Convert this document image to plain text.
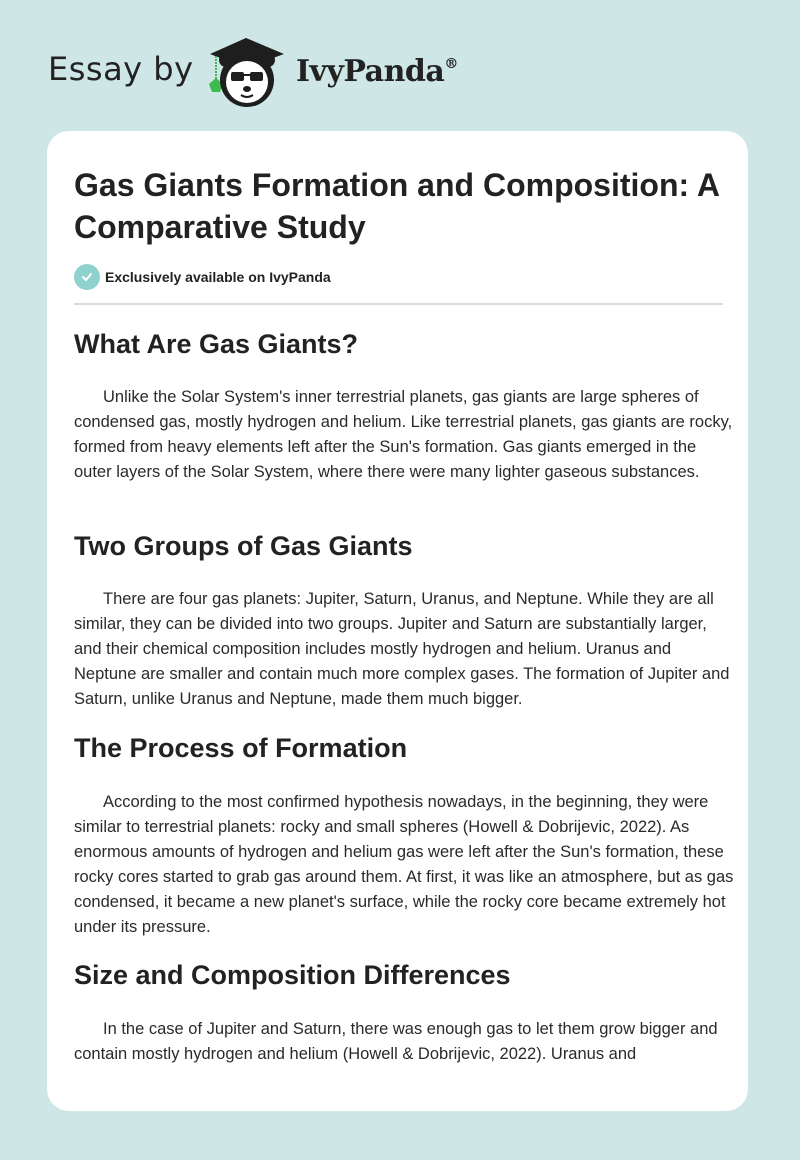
Essay by	IvyPanda®
Gas Giants Formation and Composition: A Comparative Study
Exclusively available on IvyPanda
What Are Gas Giants?

Unlike the Solar System's inner terrestrial planets, gas giants are large spheres of condensed gas, mostly hydrogen and helium. Like terrestrial planets, gas giants are rocky, formed from heavy elements left after the Sun's formation. Gas giants emerged in the outer layers of the Solar System, where there were many lighter gaseous substances.

Two Groups of Gas Giants

There are four gas planets: Jupiter, Saturn, Uranus, and Neptune. While they are all similar, they can be divided into two groups. Jupiter and Saturn are substantially larger, and their chemical composition includes mostly hydrogen and helium. Uranus and Neptune are smaller and contain much more complex gases. The formation of Jupiter and Saturn, unlike Uranus and Neptune, made them much bigger.

The Process of Formation

According to the most confirmed hypothesis nowadays, in the beginning, they were similar to terrestrial planets: rocky and small spheres (Howell & Dobrijevic, 2022). As enormous amounts of hydrogen and helium gas were left after the Sun's formation, these rocky cores started to grab gas around them. At first, it was like an atmosphere, but as gas condensed, it became a new planet's surface, while the rocky core became extremely hot under its pressure.

Size and Composition Differences

In the case of Jupiter and Saturn, there was enough gas to let them grow bigger and contain mostly hydrogen and helium (Howell & Dobrijevic, 2022). Uranus and
